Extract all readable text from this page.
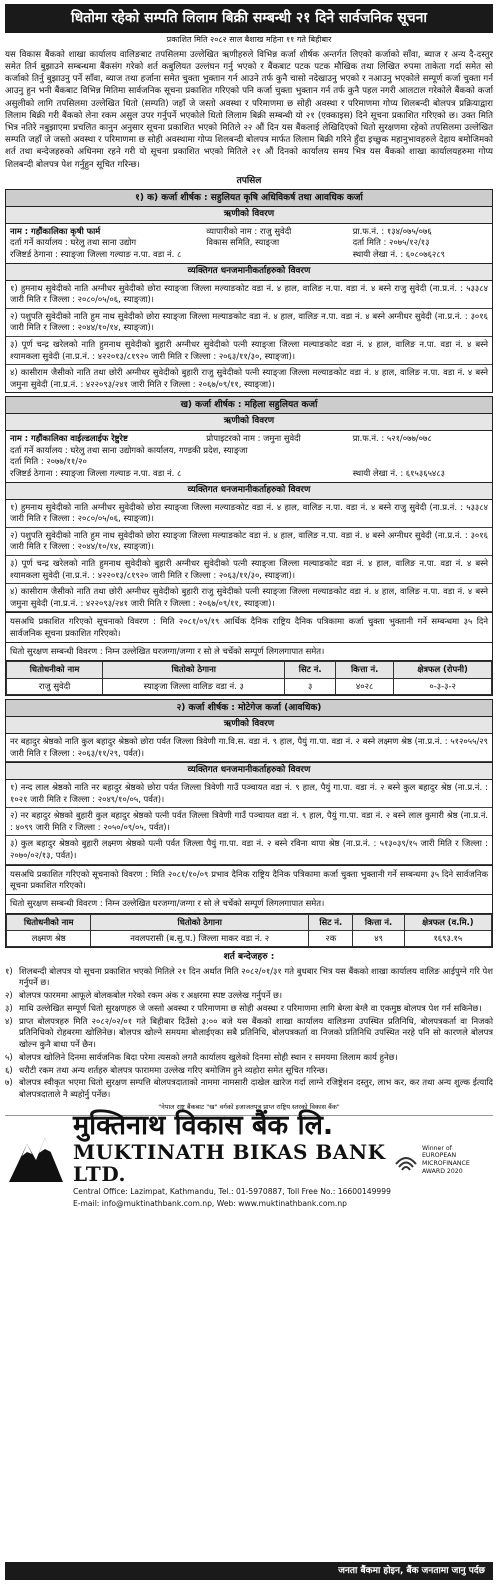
धितोमा रहेको सम्पति लिलाम बिक्री सम्बन्धी २१ दिने सार्वजनिक सूचना
प्रकाशित मिति २०८२ साल बैशाख महिना ११ गते बिहीबार
यस विकास बैंकको शाखा कार्यालय वालिङबाट तपसिलमा उल्लेखित ऋणीहरुले विभिन्न कर्जा शीर्षक अन्तर्गत लिएको कर्जाको साँवा, ब्याज र अन्य दै-दस्तुर समेत तिर्न बुझाउने सम्बन्धमा बैंकसंग गरेको शर्त कबुलियत उल्लंघन गर्नु भएको र बैंकबाट पटक पटक मौखिक तथा लिखित रुपमा ताकेता गर्दा समेत सो कर्जाको तिर्नु बुझाउनु पर्ने साँवा, ब्याज तथा हर्जाना समेत चुक्ता भुक्तान गर्न आउने तर्फ कुनै चासो नदेखाउनु भएको र नआउनु भएकोले सम्पूर्ण कर्जा चुक्ता गर्न आउनु हुन भनी बैंकबाट विभिन्न मितिमा सार्वजनिक सूचना प्रकाशित गरिएको पनि कर्जा चुक्ता भुक्तान गर्न तर्फ कुनै पहल नगरी आलटाल गरेकोले बैंकको कर्जा असुलीको लागि तपसिलमा उल्लेखित धितो (सम्पति) जहाँ जे जस्तो अवस्था र परिमाणमा छ सोही अवस्था र परिमाणमा गोप्य शिलबन्दी बोलपत्र प्रक्रियाद्वारा लिलाम बिक्री गरी बैंकको लेना रकम असुल उपर गर्नुपर्ने भएकोले धितो लिलाम बिक्री सम्बन्धी यो २१ (एक्काइस) दिने सूचना प्रकाशित गरिएको छ। उक्त मिति भित्र नतिरे नबुझाएमा प्रचलित कानुन अनुसार सूचना प्रकाशित भएको मितिले २२ औं दिन यस बैंकलाई लेखिदिएको धितो सुरक्षणमा रहेको तपसिलमा उल्लेखित सम्पति जहाँ जे जस्तो अवस्था र परिमाणमा छ सोही अवस्थामा गोप्य शिलबन्दी बोलपत्र मार्फत लिलाम बिक्री गरिने हुँदा इच्छुक महानुभावहरुले देहाय बमोजिमको शर्त तथा बन्देजहरुको अधिनमा रहने गरी यो सूचना प्रकाशित भएको मितिले २१ औं दिनको कार्यालय समय भित्र यस बैंकको शाखा कार्यालयहरुमा गोप्य शिलबन्दी बोलपत्र पेश गर्नुहुन सूचित गरिन्छ।
तपसिल
१) क) कर्जा शीर्षक : सहुलियत कृषि अधिविकर्ष तथा आवधिक कर्जा
ऋणीको विवरण
नाम : गहौंकालिका कृषी फार्म	व्यापारीको नाम : राजु सुवेदी	प्रा.फ.नं. : १३४/०७५/०७६
दर्ता गर्ने कार्यालय : घरेलु तथा साना उद्योग	विकास समिति, स्याङ्जा	दर्ता मिति : २०७५/१२/१३
रजिष्टर्ड ठेगाना : स्याङ्जा जिल्ला गल्याङ न.पा. वडा नं. ८	स्थायी लेखा नं. : ६०८०७६२८९
व्यक्तिगत धनजमानीकर्ताहरुको विवरण
१) हुमनाथ सुवेदीको नाति अग्नीधर सुवेदीको छोरा स्याङ्जा जिल्ला मल्याङकोट वडा नं. ४ हाल, वालिङ न.पा. वडा नं. ४ बस्ने राजु सुवेदी (ना.प्र.नं. : ५३३८४ जारी मिति र जिल्ला : २०८०/०५/०६, स्याङ्जा)।
२) पशुपति सुवेदीको नाति हुम नाथ सुवेदीको छोरा स्याङ्जा जिल्ला मल्याङकोट वडा नं. ४ हाल, वालिङ न.पा. वडा नं. ४ बस्ने अग्नीधर सुवेदी (ना.प्र.नं. : ३०१६ जारी मिति र जिल्ला : २०४४/१०/१४, स्याङ्जा)।
३) पूर्ण चन्द्र खरेलको नाति हुमनाथ सुवेदीको बुहारी अग्नीधर सुवेदीको पत्नी स्याङ्जा जिल्ला मल्याङकोट वडा नं. ४ हाल, वालिङ न.पा. वडा नं. ४ बस्ने श्यामकला सुवेदी (ना.प्र.नं. : ४२२०१३/८१९२० जारी मिति र जिल्ला : २०६३/११/३०, स्याङ्जा)।
४) कासीराम जैसीको नाति तथा छोरी अग्नीधर सुवेदीको बुहारी राजु सुवेदीको पत्नी स्याङ्जा जिल्ला मल्याङकोट वडा नं. ४ हाल, वालिङ न.पा. वडा नं. ४ बस्ने जमुना सुवेदी (ना.प्र.नं. : ४२२०९३/२४१ जारी मिति र जिल्ला : २०६७/०९/११, स्याङ्जा)।
ख) कर्जा शीर्षक : महिला सहुलियत कर्जा
ऋणीको विवरण
नाम : गहौंकालिका वाईल्डलाईफ रेष्टुरेष्ट	प्रोपाइटरको नाम : जमुना सुवेदी	प्रा.फ.नं. : ५२१/०७७/०७८
दर्ता गर्ने कार्यालय : घरेलु तथा साना उद्योगको कार्यालय, गण्डकी प्रदेश, स्याङ्जा
दर्ता मिति : २०७७/११/२०
रजिष्टर्ड ठेगाना : स्याङ्जा जिल्ला गल्याङ न.पा. वडा नं. ८	स्थायी लेखा नं. : ६१५३६५४८३
व्यक्तिगत धनजमानीकर्ताहरुको विवरण
१) हुमनाथ सुवेदीको नाति अग्नीधर सुवेदीको छोरा स्याङ्जा जिल्ला मल्याङकोट वडा नं. ४ हाल, वालिङ न.पा. वडा नं. ४ बस्ने राजु सुवेदी (ना.प्र.नं. : ५३३८४ जारी मिति र जिल्ला : २०८०/०५/०६, स्याङ्जा)।
२) पशुपति सुवेदीको नाति हुम नाथ सुवेदीको छोरा स्याङ्जा जिल्ला मल्याङकोट वडा नं. ४ हाल, वालिङ न.पा. वडा नं. ४ बस्ने अग्नीधर सुवेदी (ना.प्र.नं. : ३०१६ जारी मिति र जिल्ला : २०४४/१०/१४, स्याङ्जा)।
३) पूर्ण चन्द्र खरेलको नाति हुमनाथ सुवेदीको बुहारी अग्नीधर सुवेदीको पत्नी स्याङ्जा जिल्ला मल्याङकोट वडा नं. ४ हाल, वालिङ न.पा. वडा नं. ४ बस्ने श्यामकला सुवेदी (ना.प्र.नं. : ४२२०१३/८१९२० जारी मिति र जिल्ला : २०६३/११/३०, स्याङ्जा)।
४) कासीराम जैसीको नाति तथा छोरी अग्नीधर सुवेदीको बुहारी राजु सुवेदीको पत्नी स्याङ्जा जिल्ला मल्याङकोट वडा नं. ४ हाल, वालिङ न.पा. वडा नं. ४ बस्ने जमुना सुवेदी (ना.प्र.नं. : ४२२०९३/२४१ जारी मिति र जिल्ला : २०६७/०९/११, स्याङ्जा)।
यसअघि प्रकाशित गरिएको सूचनाको विवरण : मिति २०८१/०९/१९ आर्थिक दैनिक राष्ट्रिय दैनिक पत्रिकामा कर्जा चुक्ता भुक्तानी गर्ने सम्बन्धमा ३५ दिने सार्वजनिक सूचना प्रकाशित गरिएको।
धितो सुरक्षण सम्बन्धी विवरण : निम्न उल्लेखित घरजग्गा/जग्गा र सो ले चर्चेको सम्पूर्ण लिगलगापात समेत।
धितोधनीको नाम	धितोको ठेगाना	सिट नं.	कित्ता नं.	क्षेत्रफल (रोपनी)
राजु सुवेदी	स्याङ्जा जिल्ला वालिङ वडा नं. ३	३	४०२८	०-३-३-२
२) कर्जा शीर्षक : मोटेगेज कर्जा (आवधिक)
ऋणीको विवरण
नर बहादुर श्रेष्ठको नाति कुल बहादुर श्रेष्ठको छोरा पर्वत जिल्ला त्रिवेणी गा.वि.स. वडा नं. ९ हाल, पैयुं गा.पा. वडा नं. २ बस्ने लक्ष्मण श्रेष्ठ (ना.प्र.नं. : ५१२०५५/२९ जारी मिति र जिल्ला : २०६३/११/२९, पर्वत)।
व्यक्तिगत धनजमानीकर्ताहरुको विवरण
१) नन्द लाल श्रेष्ठको नाति नर बहादुर श्रेष्ठको छोरा पर्वत जिल्ला त्रिवेणी गाउँ पञ्चायत वडा नं. ९ हाल, पैयुं गा.पा. वडा नं. २ बस्ने कुल बहादुर श्रेष्ठ (ना.प्र.नं. : १०२१ जारी मिति र जिल्ला : २०४९/१०/०५, पर्वत)।
२) नर बहादुर श्रेष्ठको बुहारी कुल बहादुर श्रेष्ठको पत्नी पर्वत जिल्ला त्रिवेणी गाउँ पञ्चायत वडा नं. ९ हाल, पैयुं गा.पा. वडा नं. २ बस्ने लाल कुमारी श्रेष्ठ (ना.प्र.नं. : ४०९९ जारी मिति र जिल्ला : २०५०/०९/०५, पर्वत)।
३) कुल बहादुर श्रेष्ठको बुहारी लक्ष्मण श्रेष्ठको पत्नी पर्वत जिल्ला पैयुं गा.पा. वडा नं. २ बस्ने रविना थापा श्रेष्ठ (ना.प्र.नं. : ५१३०३९/१५ जारी मिति र जिल्ला : २०७०/०२/१३, पर्वत)।
यसअघि प्रकाशित गरिएको सूचनाको विवरण : मिति २०८१/१०/०९ प्रभाव दैनिक राष्ट्रिय दैनिक पत्रिकामा कर्जा चुक्ता भुक्तानी गर्ने सम्बन्धमा ३५ दिने सार्वजनिक सूचना प्रकाशित गरिएको।
धितो सुरक्षण सम्बन्धी विवरण : निम्न उल्लेखित घरजग्गा/जग्गा र सो ले चर्चेको सम्पूर्ण लिगलगापात समेत।
धितोधनीको नाम	धितोको ठेगाना	सिट नं.	कित्ता नं.	क्षेत्रफल (व.मि.)
लक्ष्मण श्रेष्ठ	नवलपरासी (ब.सु.प.) जिल्ला माकर वडा नं. २	२क	४९	१६९३.१५
शर्त बन्देजहरु :
१) शिलबन्दी बोलपत्र यो सूचना प्रकाशित भएको मितिले २१ दिन अर्थात मिति २०८२/०१/३१ गते बुधबार भित्र यस बैंकको शाखा कार्यालय वालिङ आईपुग्ने गरि पेश गर्नुपर्ने छ।
२) बोलपत्र फारममा आफूले बोलकबोल गरेको रकम अंक र अक्षरमा स्पष्ट उल्लेख गर्नुपर्ने छ।
३) माथि उल्लेखित सम्पूर्ण धितो सुरक्षणहरु जे जस्तो अवस्था र परिमाणमा छ सोही अवस्था र परिमाणमा लागि बेग्ला बेग्लै वा एकमुष्ठ बोलपत्र पेश गर्न सकिनेछ।
४) प्राप्त बोलपत्रहरु मिति २०८२/०२/०१ गते बिहीबार दिउँसो ३:०० बजे यस बैंकको शाखा कार्यालय वालिङमा उपस्थित प्रतिनिधि, बोलपत्रकर्ता वा निजको प्रतिनिधिको रोहबरमा खोलिनेछ। बोलपत्र खोल्ने समयमा बोलाईएका सबै प्रतिनिधि, बोलपत्रकर्ता वा निजको प्रतिनिधि उपस्थित नरहे पनि सो कारणले बोलपत्र खोल्न कुनै बाधा पर्ने छैन।
५) बोलपत्र खोलिने दिनमा सार्वजनिक बिदा परेमा त्यसको लगतै कार्यालय खुलेको दिनमा सोही स्थान र समयमा लिलाम कार्य हुनेछ।
६) धरौटी रकम तथा अन्य शर्तहरु बोलपत्र फाराममा उल्लेख गरिए बमोजिम हुने व्यहोरा समेत सूचित गरिन्छ।
७) बोलपत्र स्वीकृत भएमा धितो सुरक्षण सम्पत्ति बोलपत्रदाताको नाममा नामसारी दाखेल खारेज गर्दा लाग्ने रजिष्ट्रेशन दस्तुर, लाभ कर, कर तथा अन्य शुल्क ईत्यादि बोलपत्रदाताले नै ब्यहोर्नु पर्नेछ।
"नेपाल राष्ट्र बैंकबाट "ख" वर्गको इजाजतपत्र प्राप्त राष्ट्रिय स्तरको विकास बैंक"
मुक्तिनाथ विकास बैंक लि.
MUKTINATH BIKAS BANK LTD.
Central Office: Lazimpat, Kathmandu, Tel.: 01-5970887, Toll Free No.: 16600149999
E-mail: info@muktinathbank.com.np, Web: www.muktinathbank.com.np
Winner of
EUROPEAN
MICROFINANCE
AWARD 2020
जनता बैंकमा होइन, बैंक जनतामा जानु पर्दछ
